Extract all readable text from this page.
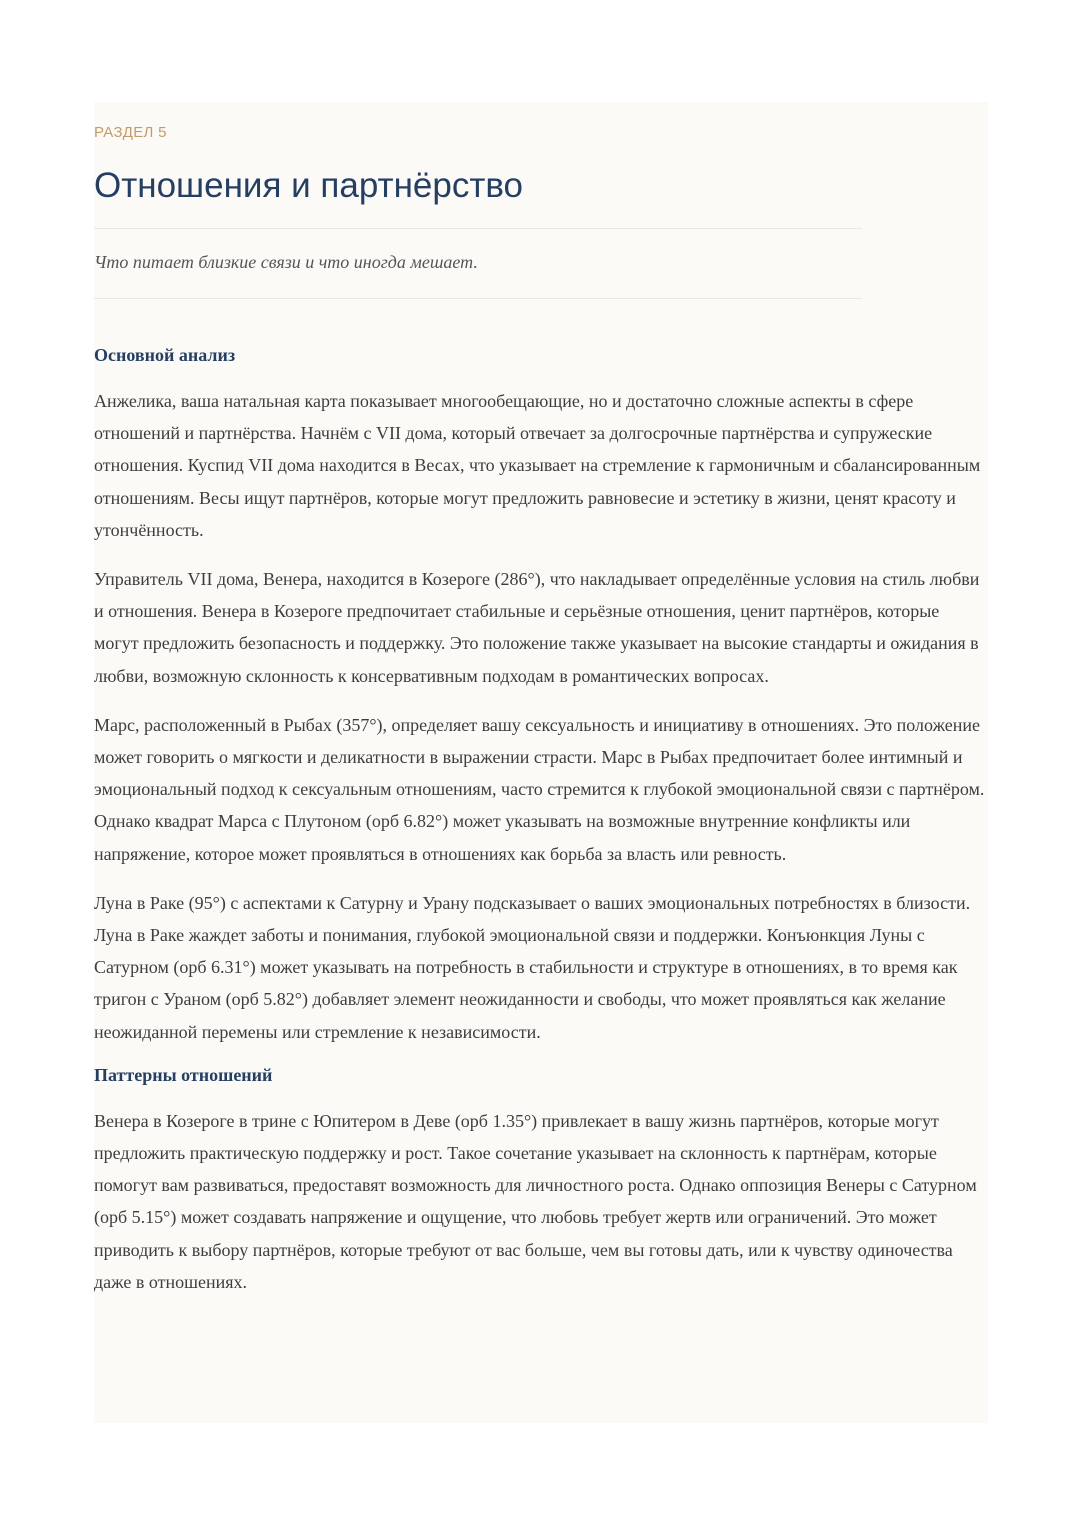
РАЗДЕЛ 5

Отношения и партнёрство

Что питает близкие связи и что иногда мешает.

Основной анализ

Анжелика, ваша натальная карта показывает многообещающие, но и достаточно сложные аспекты в сфере отношений и партнёрства. Начнём с VII дома, который отвечает за долгосрочные партнёрства и супружеские отношения. Куспид VII дома находится в Весах, что указывает на стремление к гармоничным и сбалансированным отношениям. Весы ищут партнёров, которые могут предложить равновесие и эстетику в жизни, ценят красоту и утончённость.

Управитель VII дома, Венера, находится в Козероге (286°), что накладывает определённые условия на стиль любви и отношения. Венера в Козероге предпочитает стабильные и серьёзные отношения, ценит партнёров, которые могут предложить безопасность и поддержку. Это положение также указывает на высокие стандарты и ожидания в любви, возможную склонность к консервативным подходам в романтических вопросах.

Марс, расположенный в Рыбах (357°), определяет вашу сексуальность и инициативу в отношениях. Это положение может говорить о мягкости и деликатности в выражении страсти. Марс в Рыбах предпочитает более интимный и эмоциональный подход к сексуальным отношениям, часто стремится к глубокой эмоциональной связи с партнёром. Однако квадрат Марса с Плутоном (орб 6.82°) может указывать на возможные внутренние конфликты или напряжение, которое может проявляться в отношениях как борьба за власть или ревность.

Луна в Раке (95°) с аспектами к Сатурну и Урану подсказывает о ваших эмоциональных потребностях в близости. Луна в Раке жаждет заботы и понимания, глубокой эмоциональной связи и поддержки. Конъюнкция Луны с Сатурном (орб 6.31°) может указывать на потребность в стабильности и структуре в отношениях, в то время как тригон с Ураном (орб 5.82°) добавляет элемент неожиданности и свободы, что может проявляться как желание неожиданной перемены или стремление к независимости.

Паттерны отношений

Венера в Козероге в трине с Юпитером в Деве (орб 1.35°) привлекает в вашу жизнь партнёров, которые могут предложить практическую поддержку и рост. Такое сочетание указывает на склонность к партнёрам, которые помогут вам развиваться, предоставят возможность для личностного роста. Однако оппозиция Венеры с Сатурном (орб 5.15°) может создавать напряжение и ощущение, что любовь требует жертв или ограничений. Это может приводить к выбору партнёров, которые требуют от вас больше, чем вы готовы дать, или к чувству одиночества даже в отношениях.
